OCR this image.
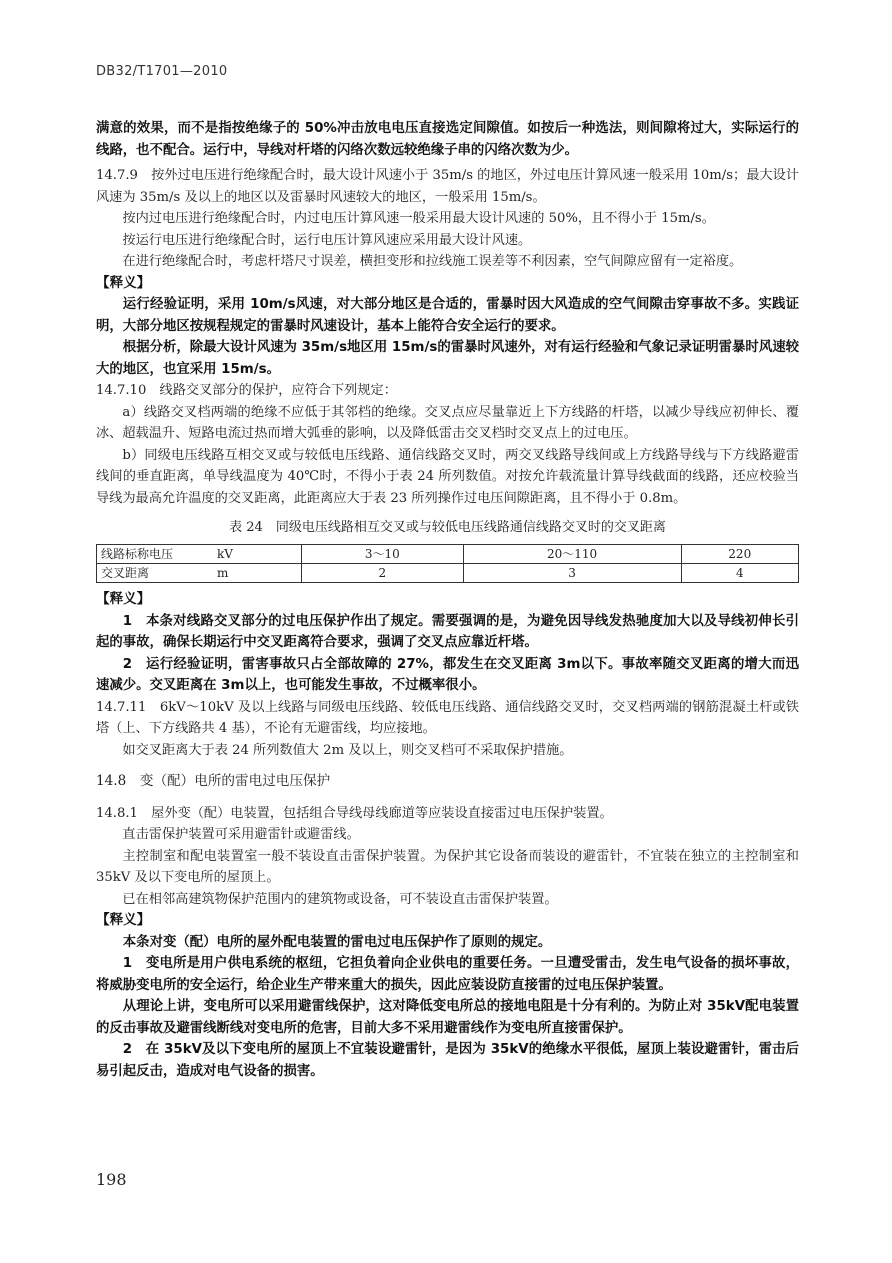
DB32/T1701—2010

满意的效果，而不是指按绝缘子的 50%冲击放电电压直接选定间隙值。如按后一种选法，则间隙将过大，实际运行的线路，也不配合。运行中，导线对杆塔的闪络次数远较绝缘子串的闪络次数为少。

14.7.9　按外过电压进行绝缘配合时，最大设计风速小于 35m/s 的地区，外过电压计算风速一般采用 10m/s；最大设计风速为 35m/s 及以上的地区以及雷暴时风速较大的地区，一般采用 15m/s。

按内过电压进行绝缘配合时，内过电压计算风速一般采用最大设计风速的 50%，且不得小于 15m/s。

按运行电压进行绝缘配合时，运行电压计算风速应采用最大设计风速。

在进行绝缘配合时，考虑杆塔尺寸误差，横担变形和拉线施工误差等不利因素，空气间隙应留有一定裕度。

【释义】

运行经验证明，采用 10m/s风速，对大部分地区是合适的，雷暴时因大风造成的空气间隙击穿事故不多。实践证明，大部分地区按规程规定的雷暴时风速设计，基本上能符合安全运行的要求。

根据分析，除最大设计风速为 35m/s地区用 15m/s的雷暴时风速外，对有运行经验和气象记录证明雷暴时风速较大的地区，也宜采用 15m/s。

14.7.10　线路交叉部分的保护，应符合下列规定：

a）线路交叉档两端的绝缘不应低于其邻档的绝缘。交叉点应尽量靠近上下方线路的杆塔，以减少导线应初伸长、覆冰、超载温升、短路电流过热而增大弧垂的影响，以及降低雷击交叉档时交叉点上的过电压。

b）同级电压线路互相交叉或与较低电压线路、通信线路交叉时，两交叉线路导线间或上方线路导线与下方线路避雷线间的垂直距离，单导线温度为 40℃时，不得小于表 24 所列数值。对按允许载流量计算导线截面的线路，还应校验当导线为最高允许温度的交叉距离，此距离应大于表 23 所列操作过电压间隙距离，且不得小于 0.8m。

表 24　同级电压线路相互交叉或与较低电压线路通信线路交叉时的交叉距离
线路标称电压	kV	3～10	20～110	220
交叉距离	m	2	3	4

【释义】

1　本条对线路交叉部分的过电压保护作出了规定。需要强调的是，为避免因导线发热驰度加大以及导线初伸长引起的事故，确保长期运行中交叉距离符合要求，强调了交叉点应靠近杆塔。

2　运行经验证明，雷害事故只占全部故障的 27%，都发生在交叉距离 3m以下。事故率随交叉距离的增大而迅速减少。交叉距离在 3m以上，也可能发生事故，不过概率很小。

14.7.11　6kV～10kV 及以上线路与同级电压线路、较低电压线路、通信线路交叉时，交叉档两端的钢筋混凝土杆或铁塔（上、下方线路共 4 基），不论有无避雷线，均应接地。

如交叉距离大于表 24 所列数值大 2m 及以上，则交叉档可不采取保护措施。

14.8　变（配）电所的雷电过电压保护

14.8.1　屋外变（配）电装置，包括组合导线母线廊道等应装设直接雷过电压保护装置。

直击雷保护装置可采用避雷针或避雷线。

主控制室和配电装置室一般不装设直击雷保护装置。为保护其它设备而装设的避雷针，不宜装在独立的主控制室和 35kV 及以下变电所的屋顶上。

已在相邻高建筑物保护范围内的建筑物或设备，可不装设直击雷保护装置。

【释义】

本条对变（配）电所的屋外配电装置的雷电过电压保护作了原则的规定。

1　变电所是用户供电系统的枢纽，它担负着向企业供电的重要任务。一旦遭受雷击，发生电气设备的损坏事故，将威胁变电所的安全运行，给企业生产带来重大的损失，因此应装设防直接雷的过电压保护装置。

从理论上讲，变电所可以采用避雷线保护，这对降低变电所总的接地电阻是十分有利的。为防止对 35kV配电装置的反击事故及避雷线断线对变电所的危害，目前大多不采用避雷线作为变电所直接雷保护。

2　在 35kV及以下变电所的屋顶上不宜装设避雷针，是因为 35kV的绝缘水平很低，屋顶上装设避雷针，雷击后易引起反击，造成对电气设备的损害。

198
